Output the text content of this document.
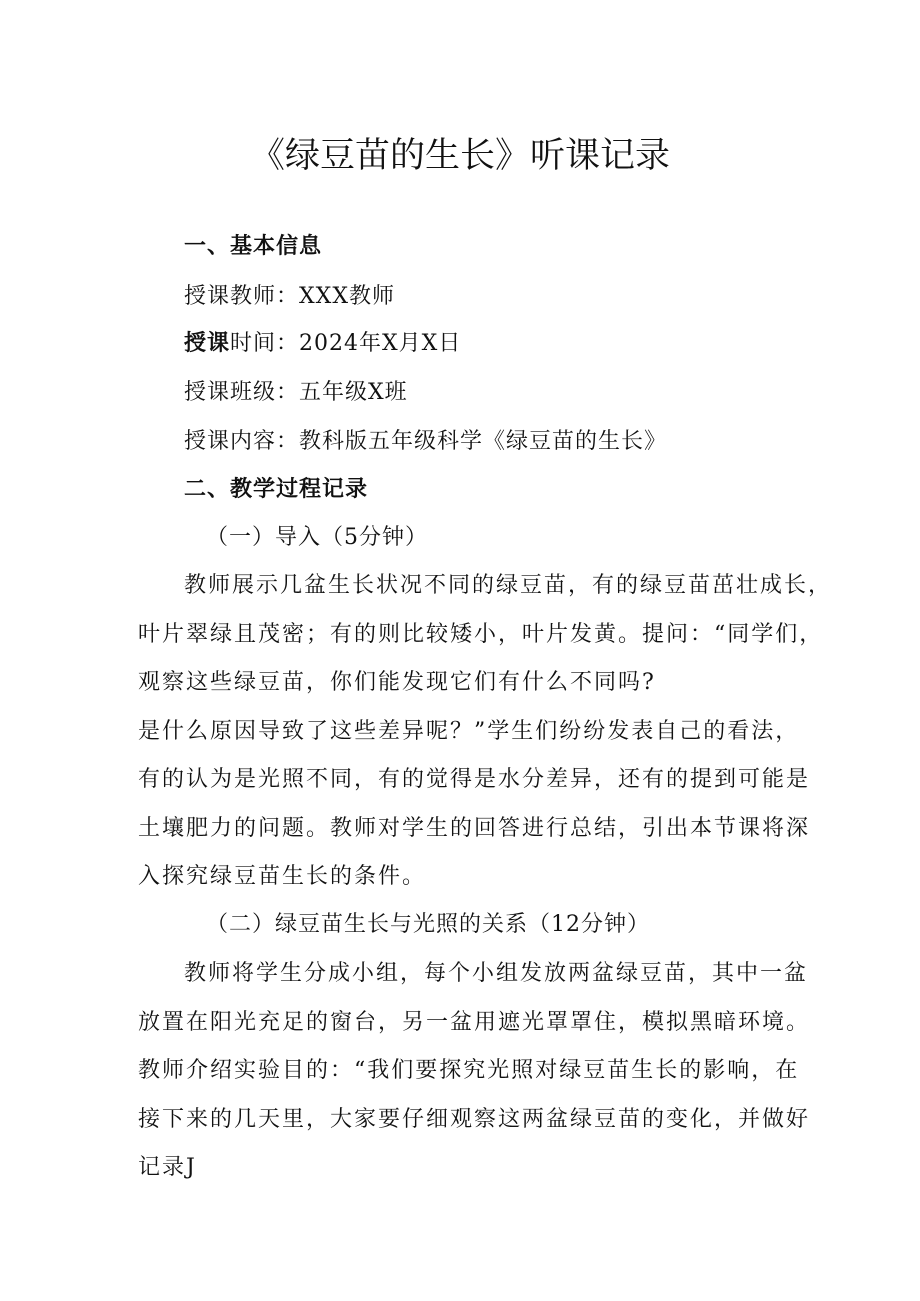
《绿豆苗的生长》听课记录
一、基本信息
授课教师：XXX教师
授课时间：2024年X月X日
授课班级：五年级X班
授课内容：教科版五年级科学《绿豆苗的生长》
二、教学过程记录
（一）导入（5分钟）
教师展示几盆生长状况不同的绿豆苗，有的绿豆苗茁壮成长，
叶片翠绿且茂密；有的则比较矮小，叶片发黄。提问：“同学们，
观察这些绿豆苗，你们能发现它们有什么不同吗?
是什么原因导致了这些差异呢？”学生们纷纷发表自己的看法，
有的认为是光照不同，有的觉得是水分差异，还有的提到可能是
土壤肥力的问题。教师对学生的回答进行总结，引出本节课将深
入探究绿豆苗生长的条件。
（二）绿豆苗生长与光照的关系（12分钟）
教师将学生分成小组，每个小组发放两盆绿豆苗，其中一盆
放置在阳光充足的窗台，另一盆用遮光罩罩住，模拟黑暗环境。
教师介绍实验目的：“我们要探究光照对绿豆苗生长的影响，在
接下来的几天里，大家要仔细观察这两盆绿豆苗的变化，并做好
记录J
